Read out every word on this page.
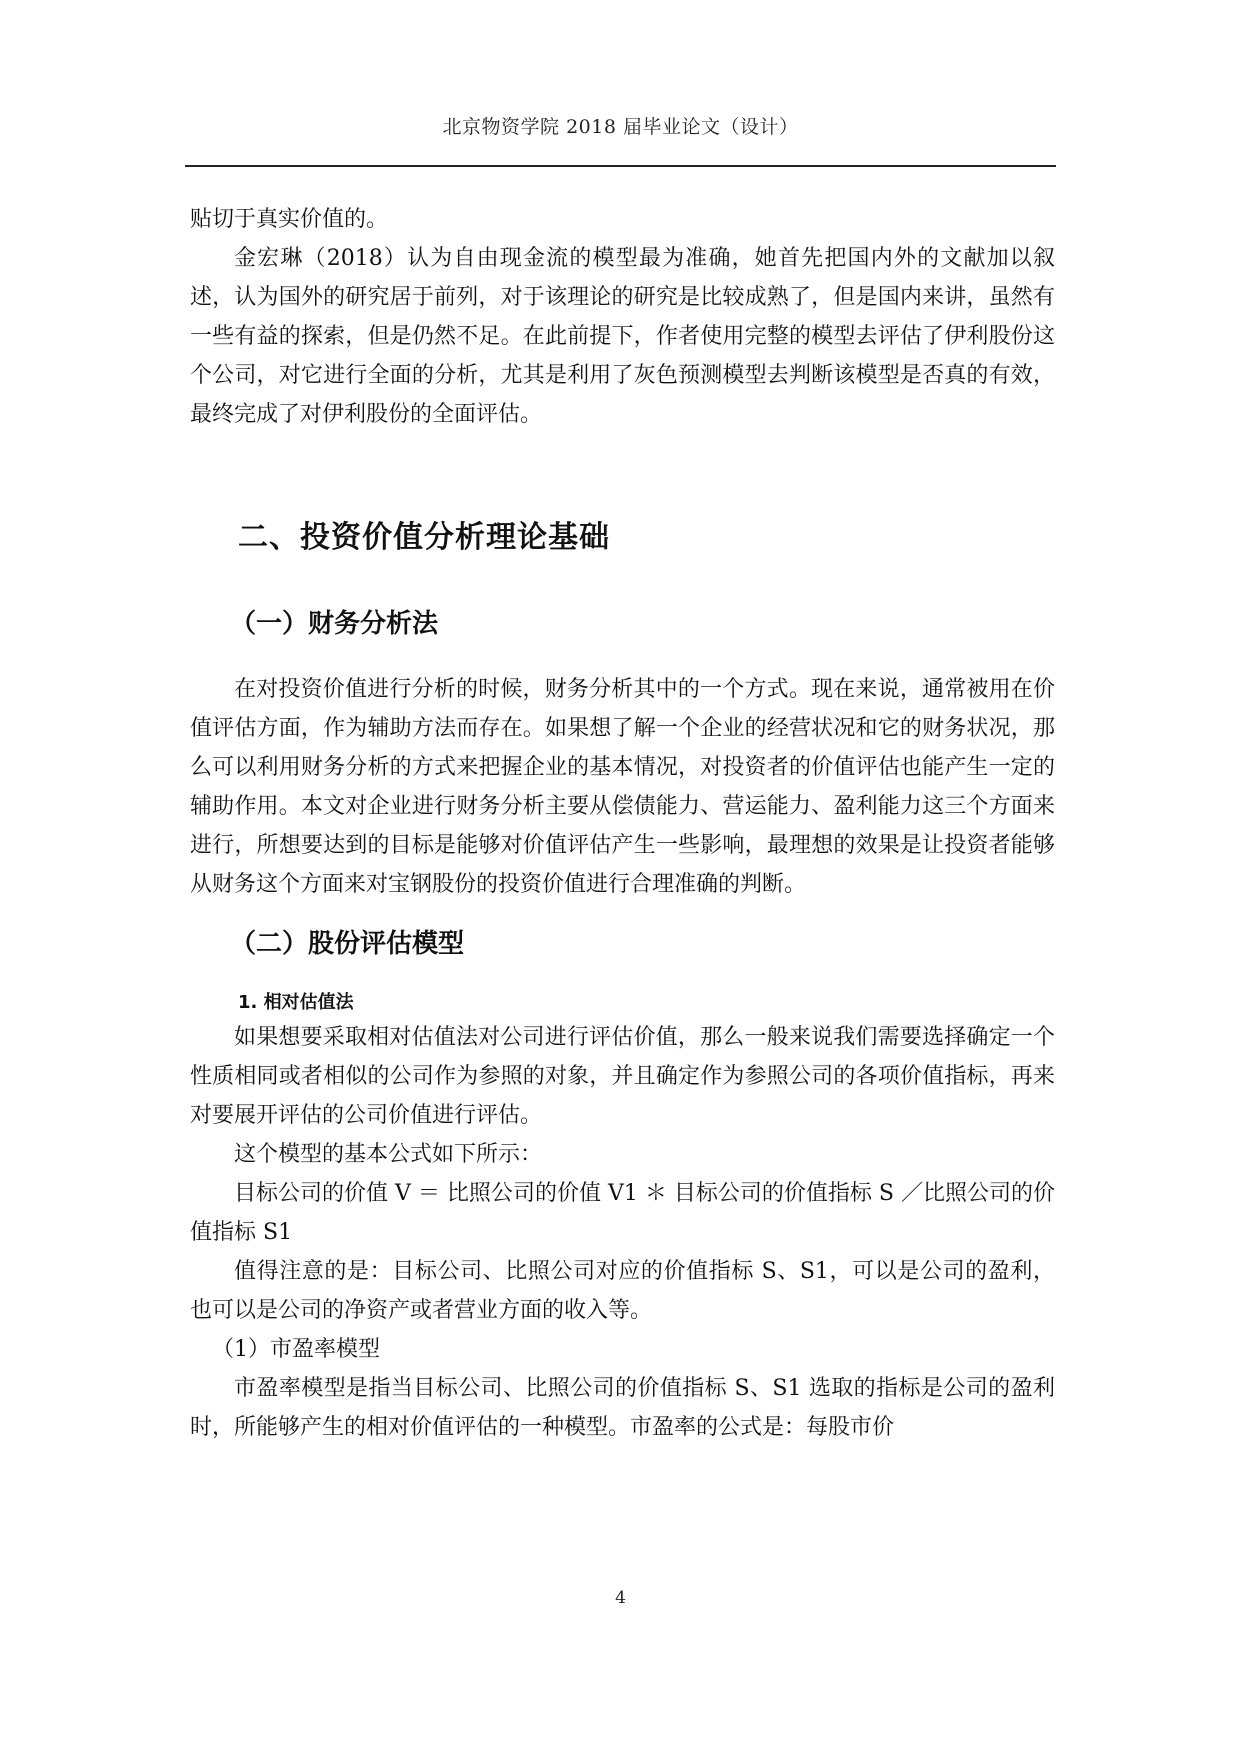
北京物资学院 2018 届毕业论文（设计）

贴切于真实价值的。

金宏琳（2018）认为自由现金流的模型最为准确，她首先把国内外的文献加以叙述，认为国外的研究居于前列，对于该理论的研究是比较成熟了，但是国内来讲，虽然有一些有益的探索，但是仍然不足。在此前提下，作者使用完整的模型去评估了伊利股份这个公司，对它进行全面的分析，尤其是利用了灰色预测模型去判断该模型是否真的有效，最终完成了对伊利股份的全面评估。

二、投资价值分析理论基础
（一）财务分析法

在对投资价值进行分析的时候，财务分析其中的一个方式。现在来说，通常被用在价值评估方面，作为辅助方法而存在。如果想了解一个企业的经营状况和它的财务状况，那么可以利用财务分析的方式来把握企业的基本情况，对投资者的价值评估也能产生一定的辅助作用。本文对企业进行财务分析主要从偿债能力、营运能力、盈利能力这三个方面来进行，所想要达到的目标是能够对价值评估产生一些影响，最理想的效果是让投资者能够从财务这个方面来对宝钢股份的投资价值进行合理准确的判断。

（二）股份评估模型
1. 相对估值法

如果想要采取相对估值法对公司进行评估价值，那么一般来说我们需要选择确定一个性质相同或者相似的公司作为参照的对象，并且确定作为参照公司的各项价值指标，再来对要展开评估的公司价值进行评估。

这个模型的基本公式如下所示：

目标公司的价值 V ＝ 比照公司的价值 V1 ＊ 目标公司的价值指标 S ／比照公司的价值指标 S1

值得注意的是：目标公司、比照公司对应的价值指标 S、S1，可以是公司的盈利，也可以是公司的净资产或者营业方面的收入等。

（1）市盈率模型

市盈率模型是指当目标公司、比照公司的价值指标 S、S1 选取的指标是公司的盈利时，所能够产生的相对价值评估的一种模型。市盈率的公式是：每股市价

4
